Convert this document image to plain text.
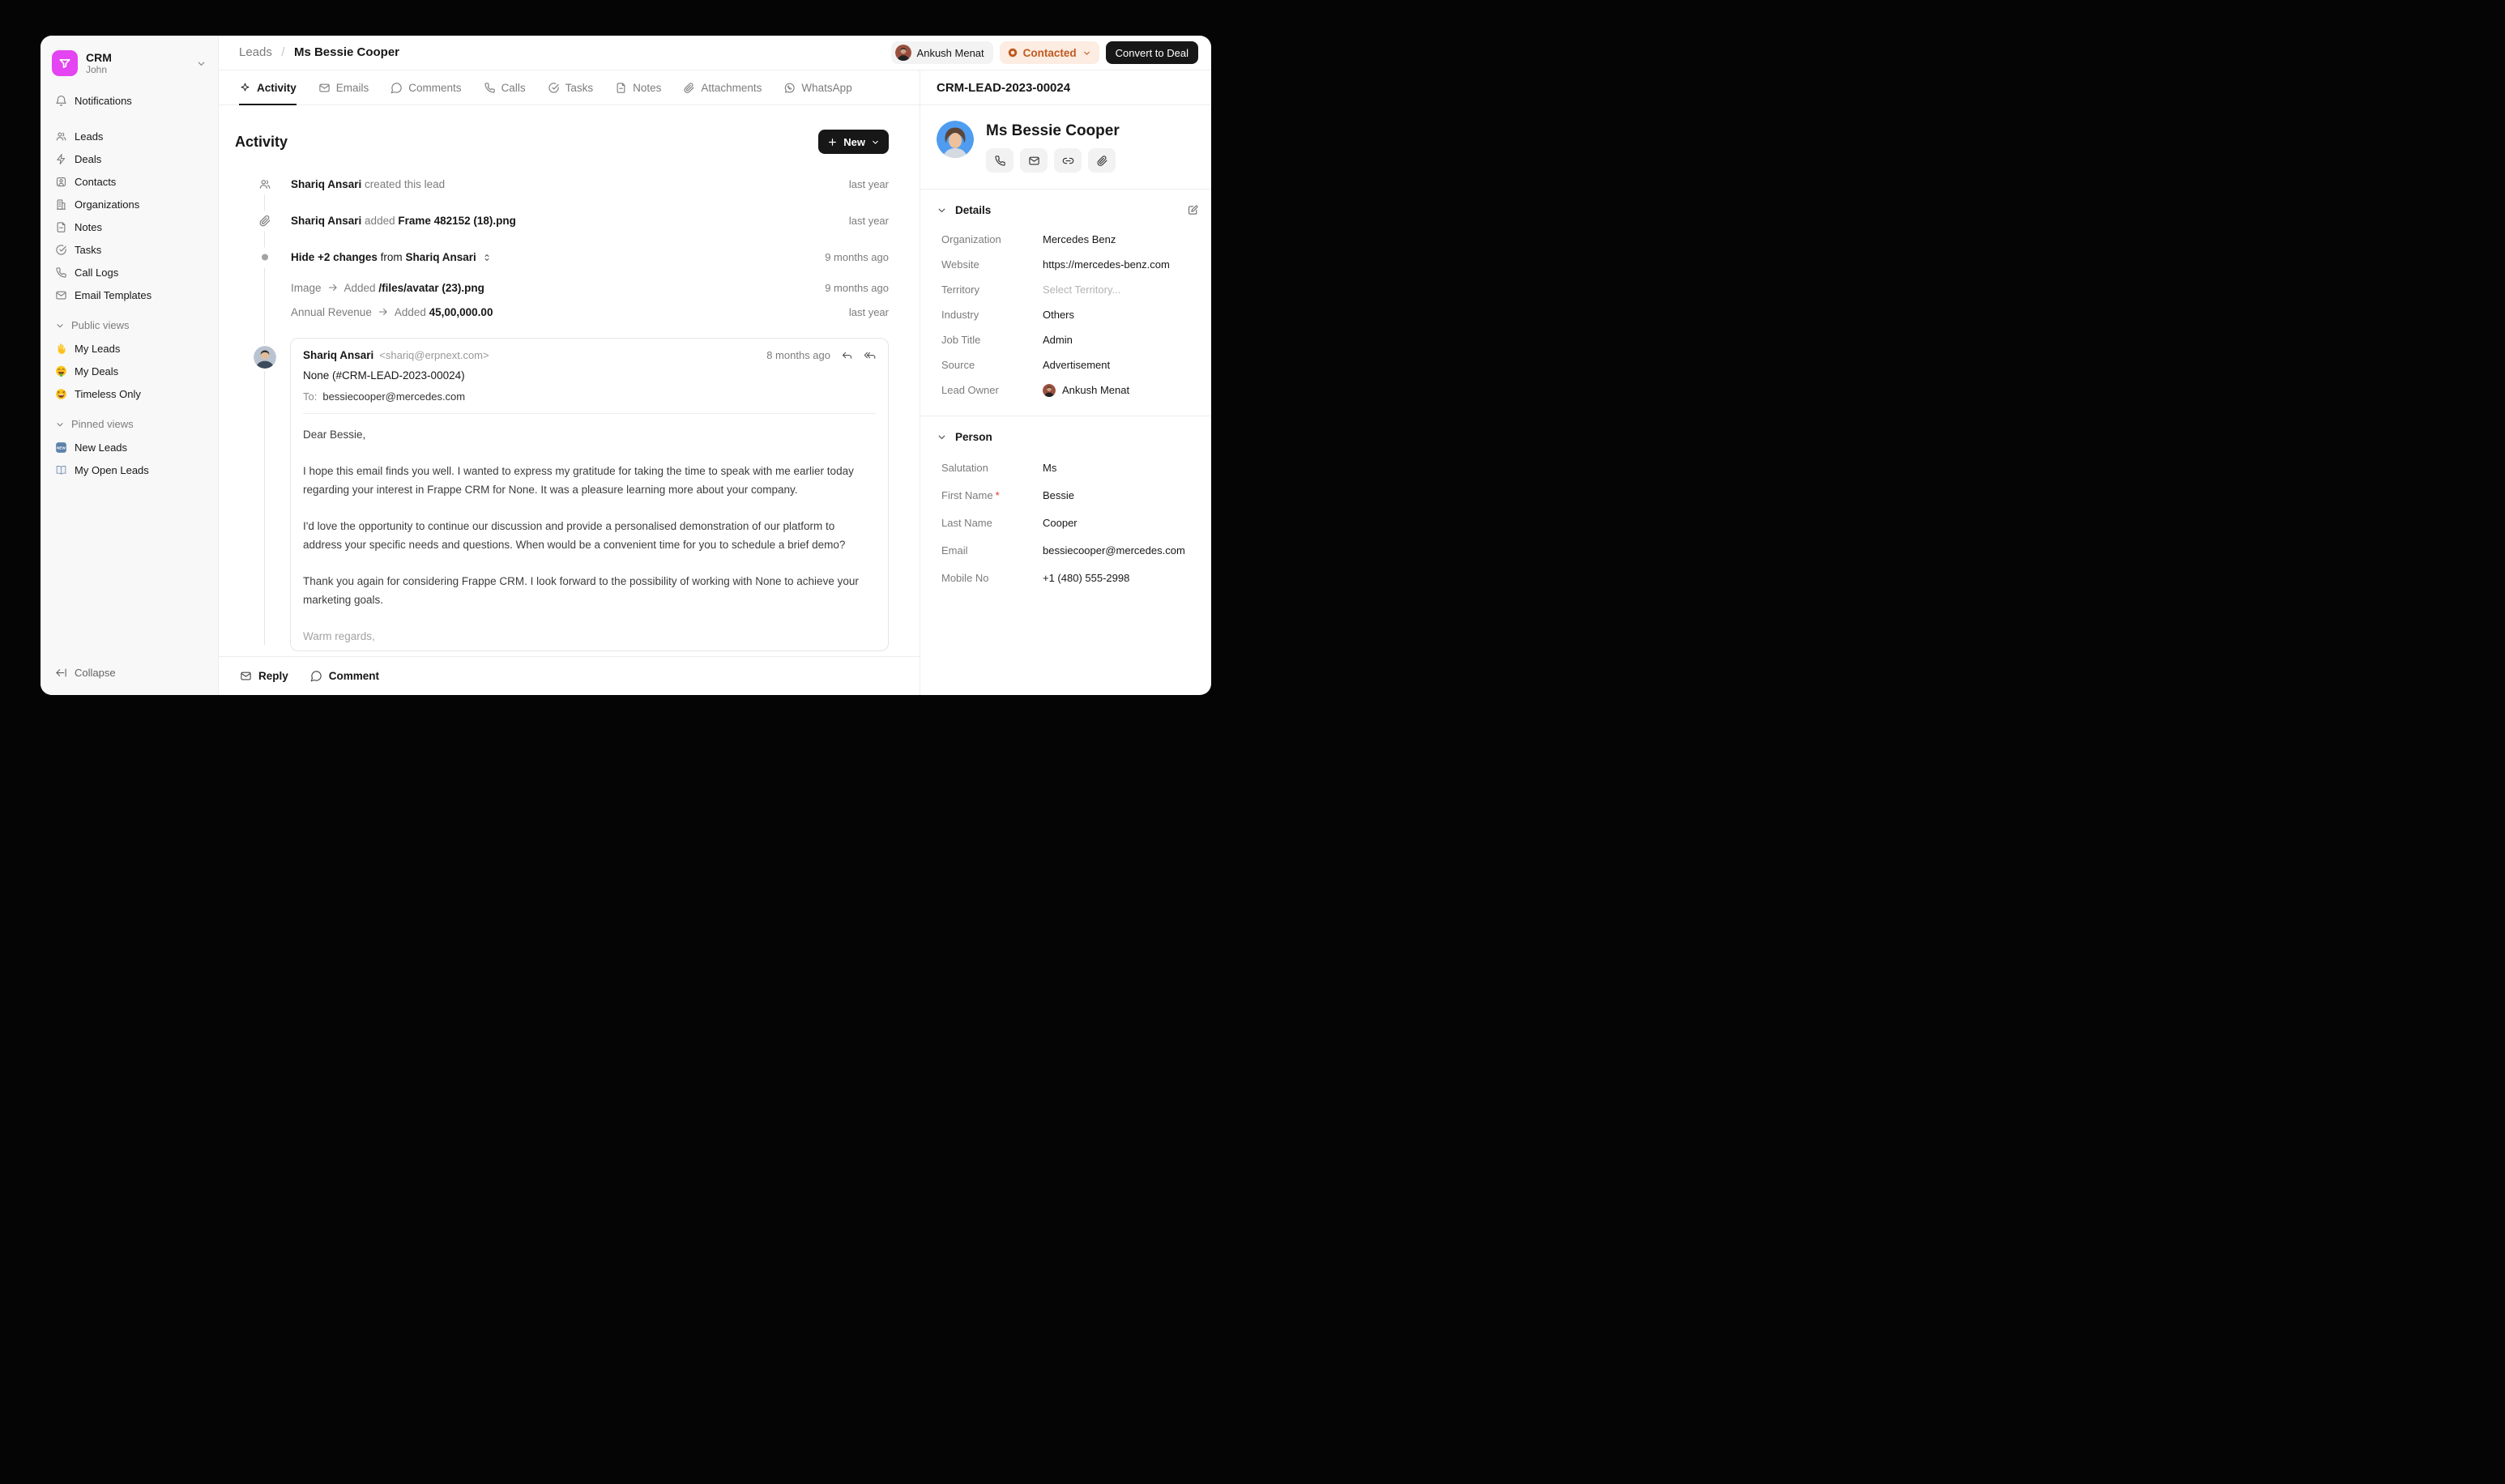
CRM
John
Notifications
Leads
Deals
Contacts
Organizations
Notes
Tasks
Call Logs
Email Templates
Public views
My Leads
My Deals
Timeless Only
Pinned views
NEW New Leads
My Open Leads
Collapse
Leads / Ms Bessie Cooper	Ankush Menat	Contacted	Convert to Deal
Activity	Emails	Comments	Calls	Tasks	Notes	Attachments	WhatsApp
Activity	New
Shariq Ansari created this lead	last year
Shariq Ansari added Frame 482152 (18).png	last year
Hide +2 changes from Shariq Ansari	9 months ago
Image Added /files/avatar (23).png	9 months ago
Annual Revenue Added 45,00,000.00	last year
Shariq Ansari <shariq@erpnext.com>	8 months ago
None (#CRM-LEAD-2023-00024)
To: bessiecooper@mercedes.com

Dear Bessie,

I hope this email finds you well. I wanted to express my gratitude for taking the time to speak with me earlier today regarding your interest in Frappe CRM for None. It was a pleasure learning more about your company.

I'd love the opportunity to continue our discussion and provide a personalised demonstration of our platform to address your specific needs and questions. When would be a convenient time for you to schedule a brief demo?

Thank you again for considering Frappe CRM. I look forward to the possibility of working with None to achieve your marketing goals.

Warm regards,

Reply	Comment
CRM-LEAD-2023-00024
Ms Bessie Cooper
Details
Organization	Mercedes Benz
Website	https://mercedes-benz.com
Territory	Select Territory...
Industry	Others
Job Title	Admin
Source	Advertisement
Lead Owner	Ankush Menat
Person
Salutation	Ms
First Name *	Bessie
Last Name	Cooper
Email	bessiecooper@mercedes.com
Mobile No	+1 (480) 555-2998
